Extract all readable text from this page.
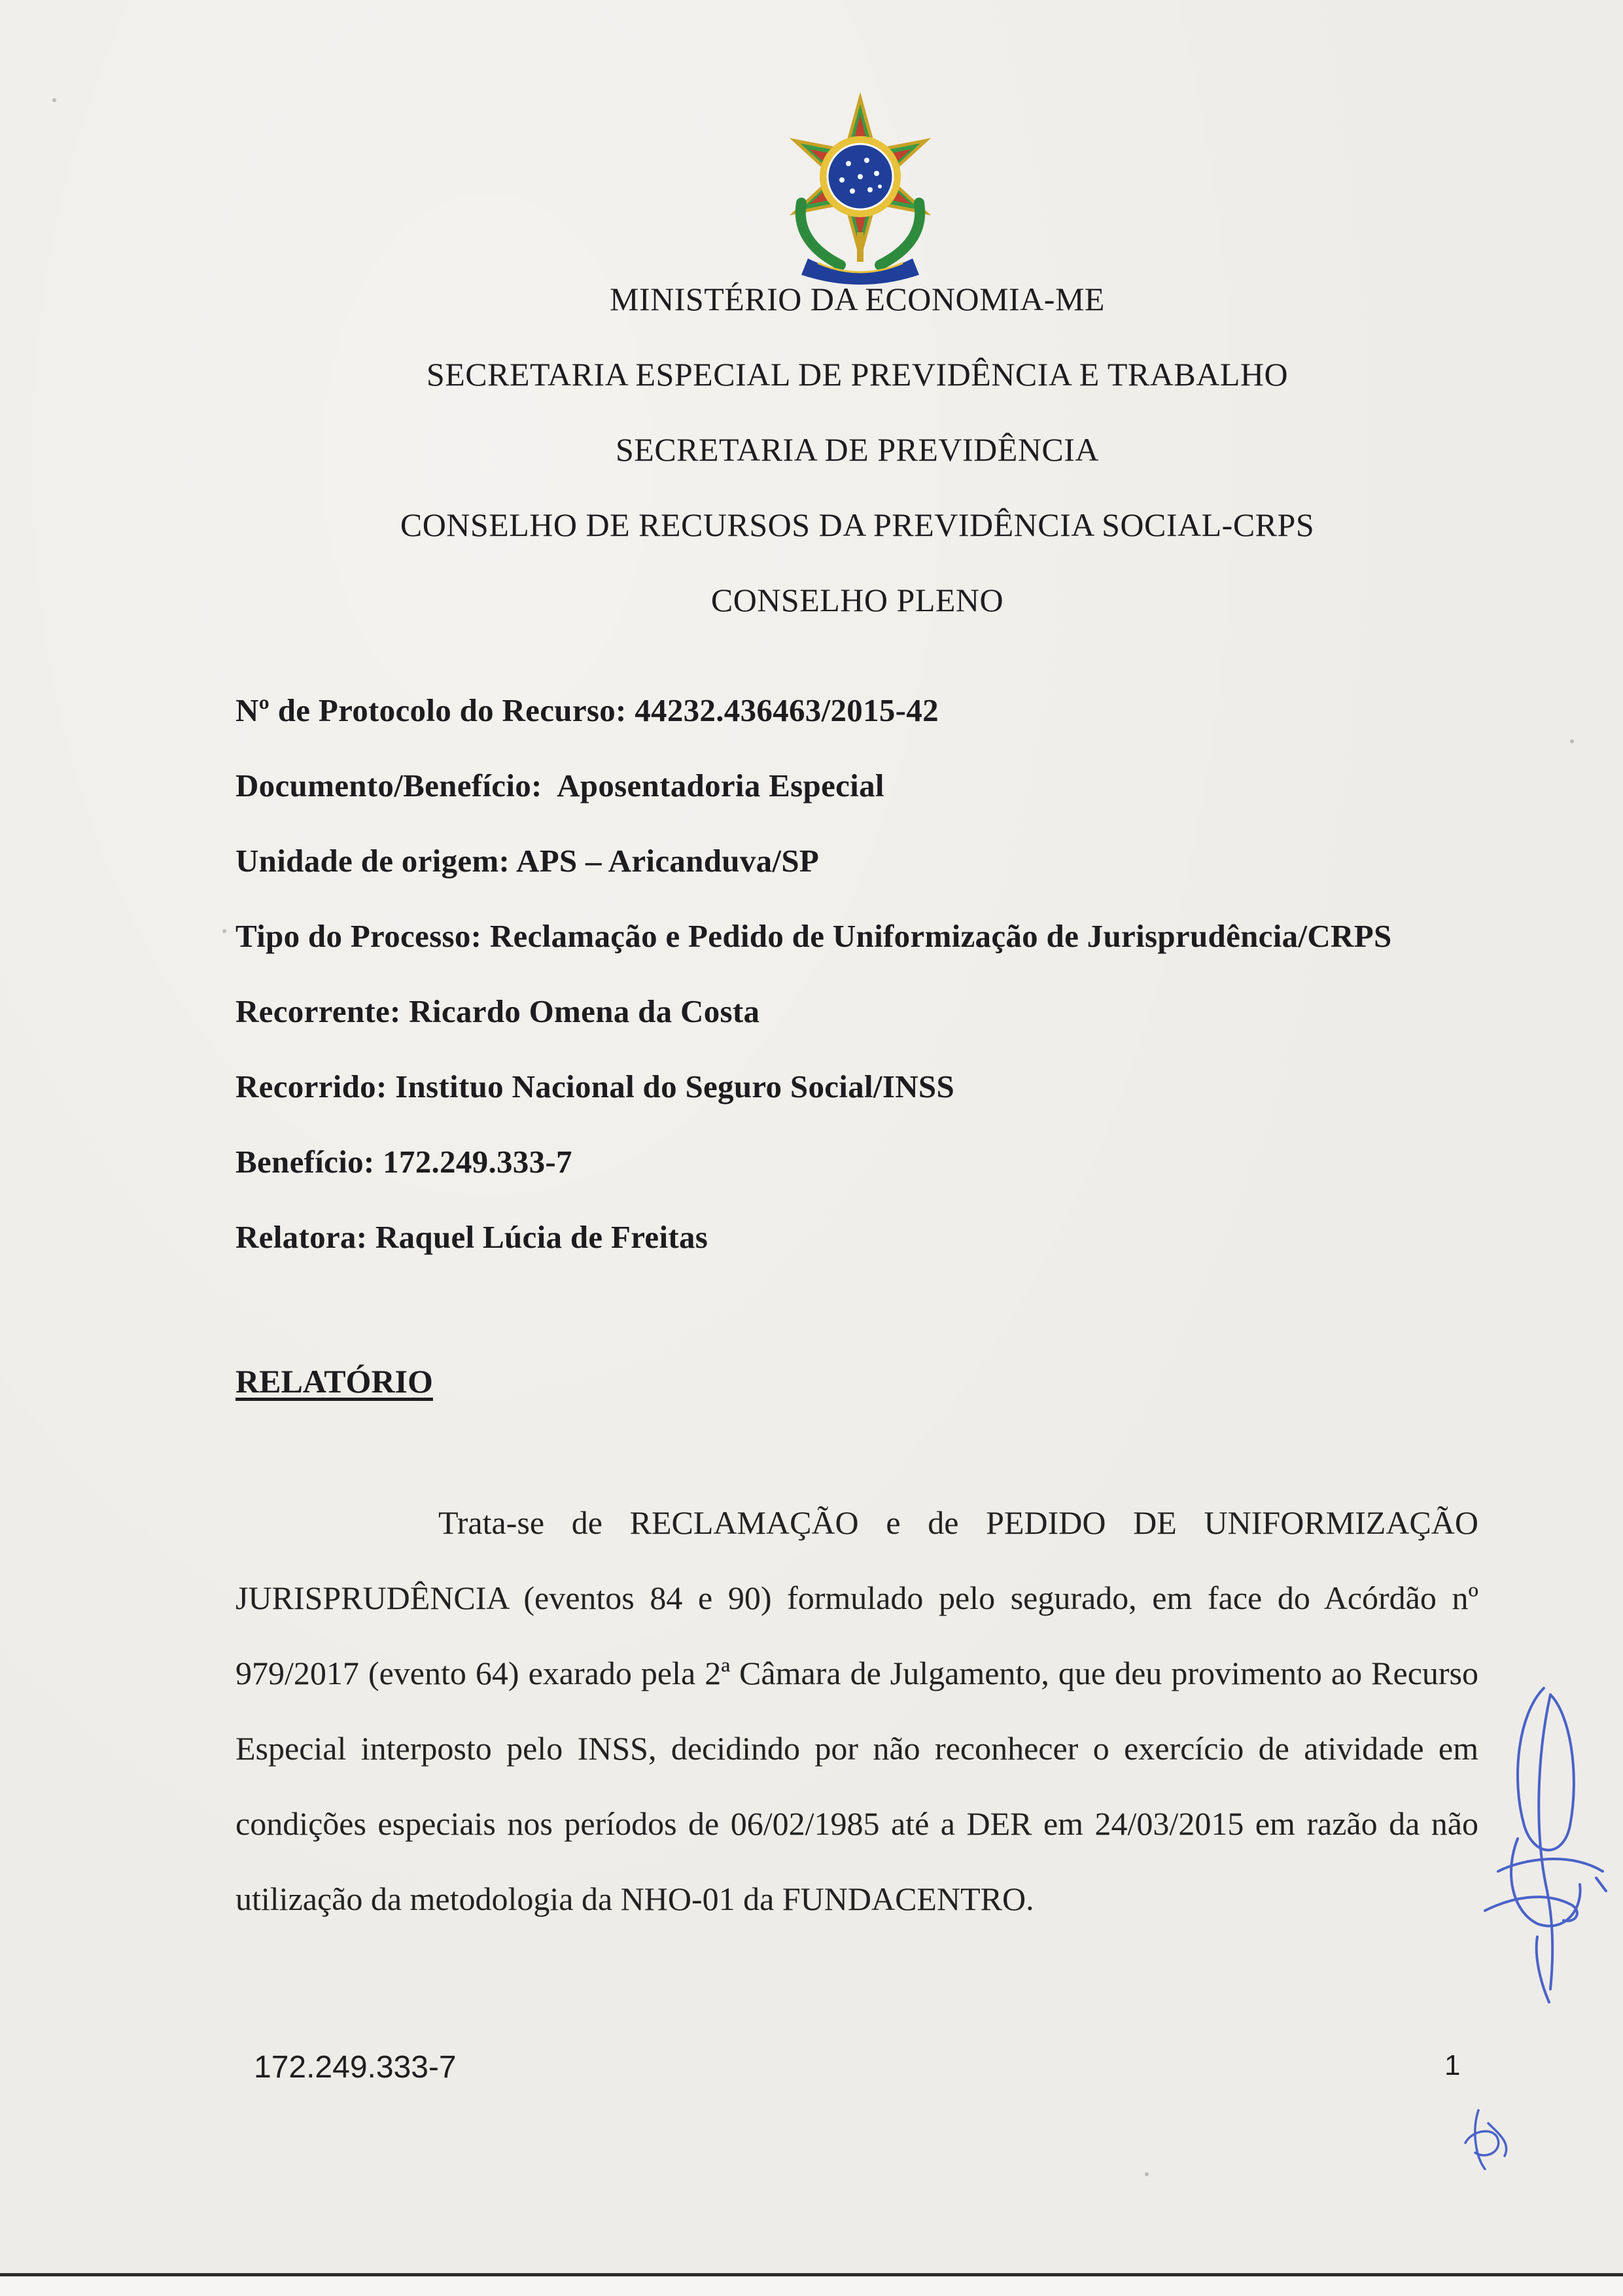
MINISTÉRIO DA ECONOMIA-ME
SECRETARIA ESPECIAL DE PREVIDÊNCIA E TRABALHO
SECRETARIA DE PREVIDÊNCIA
CONSELHO DE RECURSOS DA PREVIDÊNCIA SOCIAL-CRPS
CONSELHO PLENO
Nº de Protocolo do Recurso: 44232.436463/2015-42
Documento/Benefício: Aposentadoria Especial
Unidade de origem: APS – Aricanduva/SP
Tipo do Processo: Reclamação e Pedido de Uniformização de Jurisprudência/CRPS
Recorrente: Ricardo Omena da Costa
Recorrido: Instituo Nacional do Seguro Social/INSS
Benefício: 172.249.333-7
Relatora: Raquel Lúcia de Freitas
RELATÓRIO
Trata-se de RECLAMAÇÃO e de PEDIDO DE UNIFORMIZAÇÃO JURISPRUDÊNCIA (eventos 84 e 90) formulado pelo segurado, em face do Acórdão nº 979/2017 (evento 64) exarado pela 2ª Câmara de Julgamento, que deu provimento ao Recurso Especial interposto pelo INSS, decidindo por não reconhecer o exercício de atividade em condições especiais nos períodos de 06/02/1985 até a DER em 24/03/2015 em razão da não utilização da metodologia da NHO-01 da FUNDACENTRO.
172.249.333-7	1
